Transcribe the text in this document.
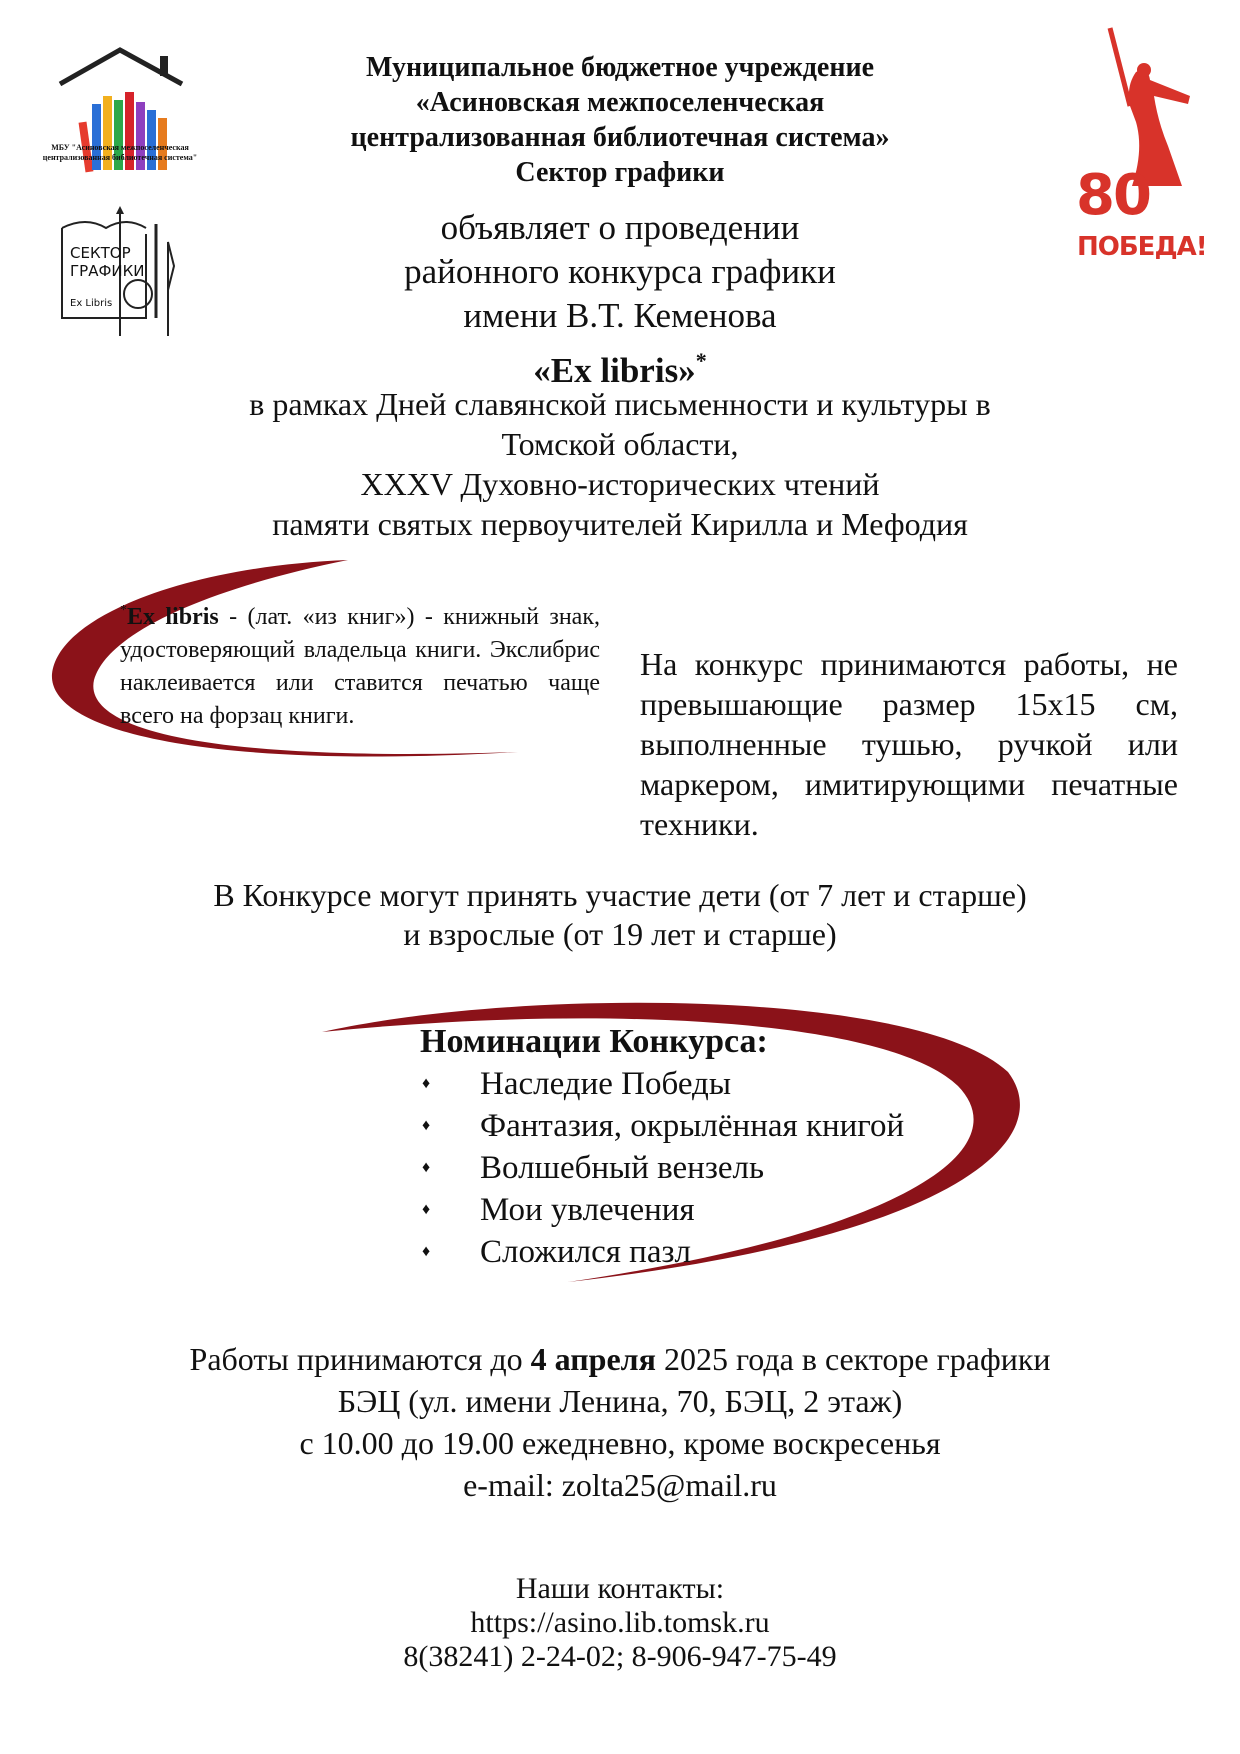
МБУ "Асиновская межпоселенческая централизованная библиотечная система"
СЕКТОР
ГРАФИКИ
Ex Libris
80
ПОБЕДА!
Муниципальное бюджетное учреждение
«Асиновская межпоселенческая
централизованная библиотечная система»
Сектор графики
объявляет о проведении
районного конкурса графики
имени В.Т. Кеменова
«Ex libris»*
в рамках Дней славянской письменности и культуры в
Томской области,
XXXV Духовно-исторических чтений
памяти святых первоучителей Кирилла и Мефодия
*Ex libris - (лат. «из книг») - книжный знак, удостоверяющий владельца книги. Экслибрис наклеивается или ставится печатью чаще всего на форзац книги.
На конкурс принимаются работы, не превышающие размер 15х15 см, выполненные тушью, ручкой или маркером, имитирующими печатные техники.
В Конкурсе могут принять участие дети (от 7 лет и старше)
и взрослые (от 19 лет и старше)
Номинации Конкурса:
♦ Наследие Победы
♦ Фантазия, окрылённая книгой
♦ Волшебный вензель
♦ Мои увлечения
♦ Сложился пазл
Работы принимаются до 4 апреля 2025 года в секторе графики
БЭЦ (ул. имени Ленина, 70, БЭЦ, 2 этаж)
с 10.00 до 19.00 ежедневно, кроме воскресенья
e-mail: zolta25@mail.ru
Наши контакты:
https://asino.lib.tomsk.ru
8(38241) 2-24-02; 8-906-947-75-49
